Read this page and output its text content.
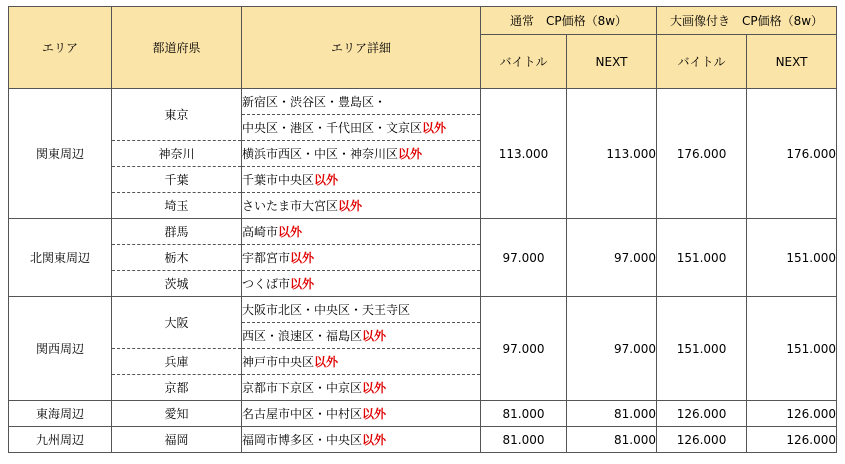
エリア	都道府県	エリア詳細	通常　CP価格（8w）		大画像付き　CP価格（8w）	
			バイトル	NEXT	バイトル	NEXT
関東周辺	東京	新宿区・渋谷区・豊島区・	113.000	113.000	176.000	176.000

		中央区・港区・千代田区・文京区以外				
	神奈川	横浜市西区・中区・神奈川区以外				
	千葉	千葉市中央区以外				
	埼玉	さいたま市大宮区以外				
北関東周辺	群馬	高崎市以外	97.000	97.000	151.000	151.000

	栃木	宇都宮市以外				
	茨城	つくば市以外				
関西周辺	大阪	大阪市北区・中央区・天王寺区	97.000	97.000	151.000	151.000

		西区・浪速区・福島区以外				
	兵庫	神戸市中央区以外				
	京都	京都市下京区・中京区以外				
東海周辺	愛知	名古屋市中区・中村区以外	81.000	81.000	126.000	126.000

九州周辺	福岡	福岡市博多区・中央区以外	81.000	81.000	126.000	126.000
